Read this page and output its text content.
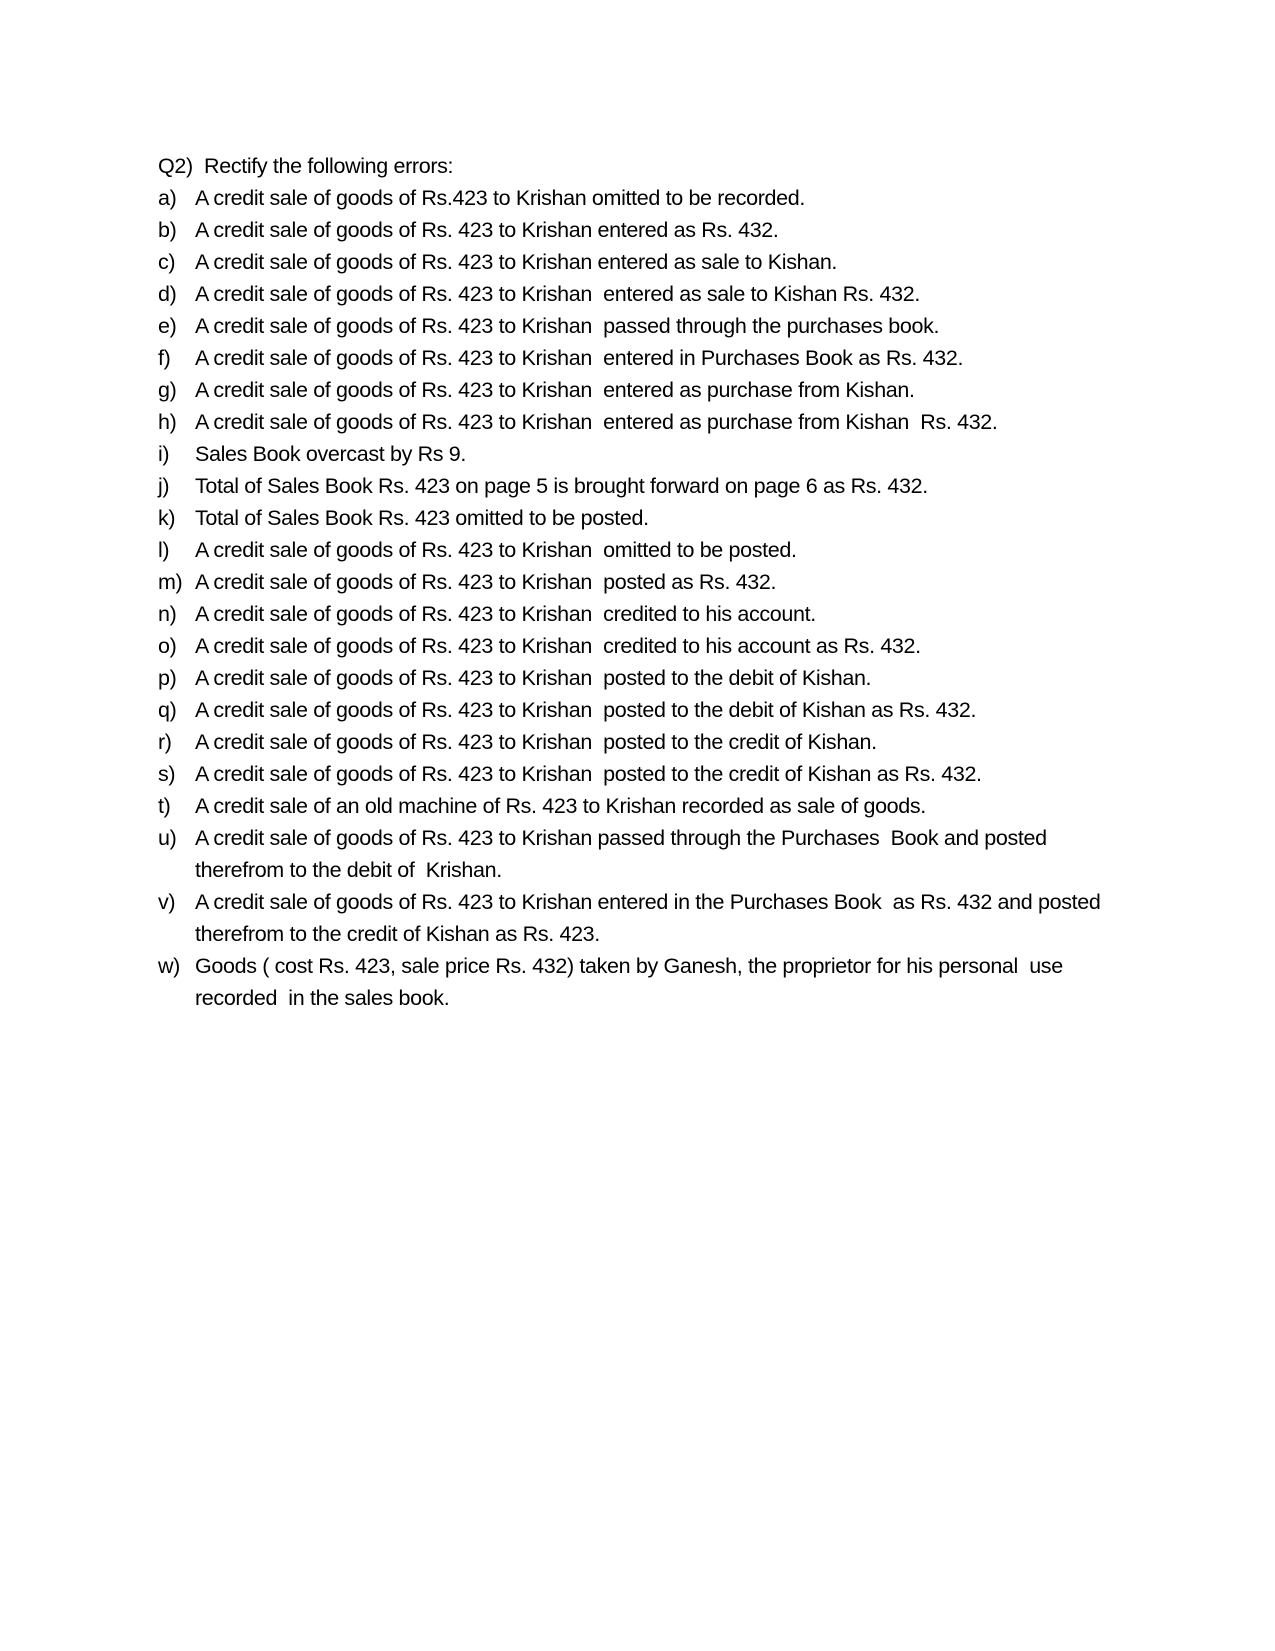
Q2)  Rectify the following errors:
a) A credit sale of goods of Rs.423 to Krishan omitted to be recorded.
b) A credit sale of goods of Rs. 423 to Krishan entered as Rs. 432.
c) A credit sale of goods of Rs. 423 to Krishan entered as sale to Kishan.
d) A credit sale of goods of Rs. 423 to Krishan  entered as sale to Kishan Rs. 432.
e) A credit sale of goods of Rs. 423 to Krishan  passed through the purchases book.
f)	A credit sale of goods of Rs. 423 to Krishan  entered in Purchases Book as Rs. 432.
g) A credit sale of goods of Rs. 423 to Krishan  entered as purchase from Kishan.
h) A credit sale of goods of Rs. 423 to Krishan  entered as purchase from Kishan  Rs. 432.
i)	Sales Book overcast by Rs 9.
j)	Total of Sales Book Rs. 423 on page 5 is brought forward on page 6 as Rs. 432.
k) Total of Sales Book Rs. 423 omitted to be posted.
l)	A credit sale of goods of Rs. 423 to Krishan  omitted to be posted.
m) A credit sale of goods of Rs. 423 to Krishan  posted as Rs. 432.
n) A credit sale of goods of Rs. 423 to Krishan  credited to his account.
o) A credit sale of goods of Rs. 423 to Krishan  credited to his account as Rs. 432.
p) A credit sale of goods of Rs. 423 to Krishan  posted to the debit of Kishan.
q) A credit sale of goods of Rs. 423 to Krishan  posted to the debit of Kishan as Rs. 432.
r)	A credit sale of goods of Rs. 423 to Krishan  posted to the credit of Kishan.
s) A credit sale of goods of Rs. 423 to Krishan  posted to the credit of Kishan as Rs. 432.
t)	A credit sale of an old machine of Rs. 423 to Krishan recorded as sale of goods.
u) A credit sale of goods of Rs. 423 to Krishan passed through the Purchases  Book and posted
therefrom to the debit of  Krishan.
v) A credit sale of goods of Rs. 423 to Krishan entered in the Purchases Book  as Rs. 432 and posted
therefrom to the credit of Kishan as Rs. 423.
w) Goods ( cost Rs. 423, sale price Rs. 432) taken by Ganesh, the proprietor for his personal  use
recorded  in the sales book.
